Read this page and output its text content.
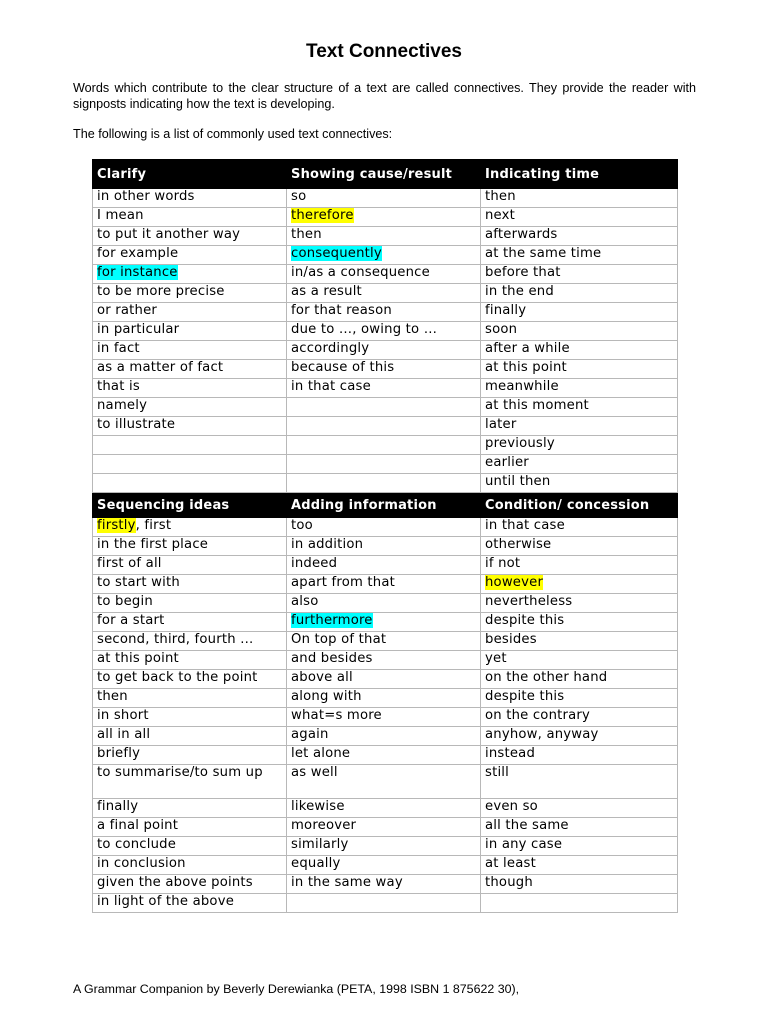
Text Connectives

Words which contribute to the clear structure of a text are called connectives. They provide the reader with signposts indicating how the text is developing.

The following is a list of commonly used text connectives:

Clarify	Showing cause/result	Indicating time
in other words	so	then
I mean	therefore	next
to put it another way	then	afterwards
for example	consequently	at the same time
for instance	in/as a consequence	before that
to be more precise	as a result	in the end
or rather	for that reason	finally
in particular	due to …, owing to …	soon
in fact	accordingly	after a while
as a matter of fact	because of this	at this point
that is	in that case	meanwhile
namely		at this moment
to illustrate		later
		previously
		earlier
		until then
Sequencing ideas	Adding information	Condition/ concession
firstly, first	too	in that case
in the first place	in addition	otherwise
first of all	indeed	if not
to start with	apart from that	however
to begin	also	nevertheless
for a start	furthermore	despite this
second, third, fourth …	On top of that	besides
at this point	and besides	yet
to get back to the point	above all	on the other hand
then	along with	despite this
in short	what=s more	on the contrary
all in all	again	anyhow, anyway
briefly	let alone	instead
to summarise/to sum up	as well	still
finally	likewise	even so
a final point	moreover	all the same
to conclude	similarly	in any case
in conclusion	equally	at least
given the above points	in the same way	though
in light of the above		

A Grammar Companion by Beverly Derewianka (PETA, 1998 ISBN 1 875622 30),
